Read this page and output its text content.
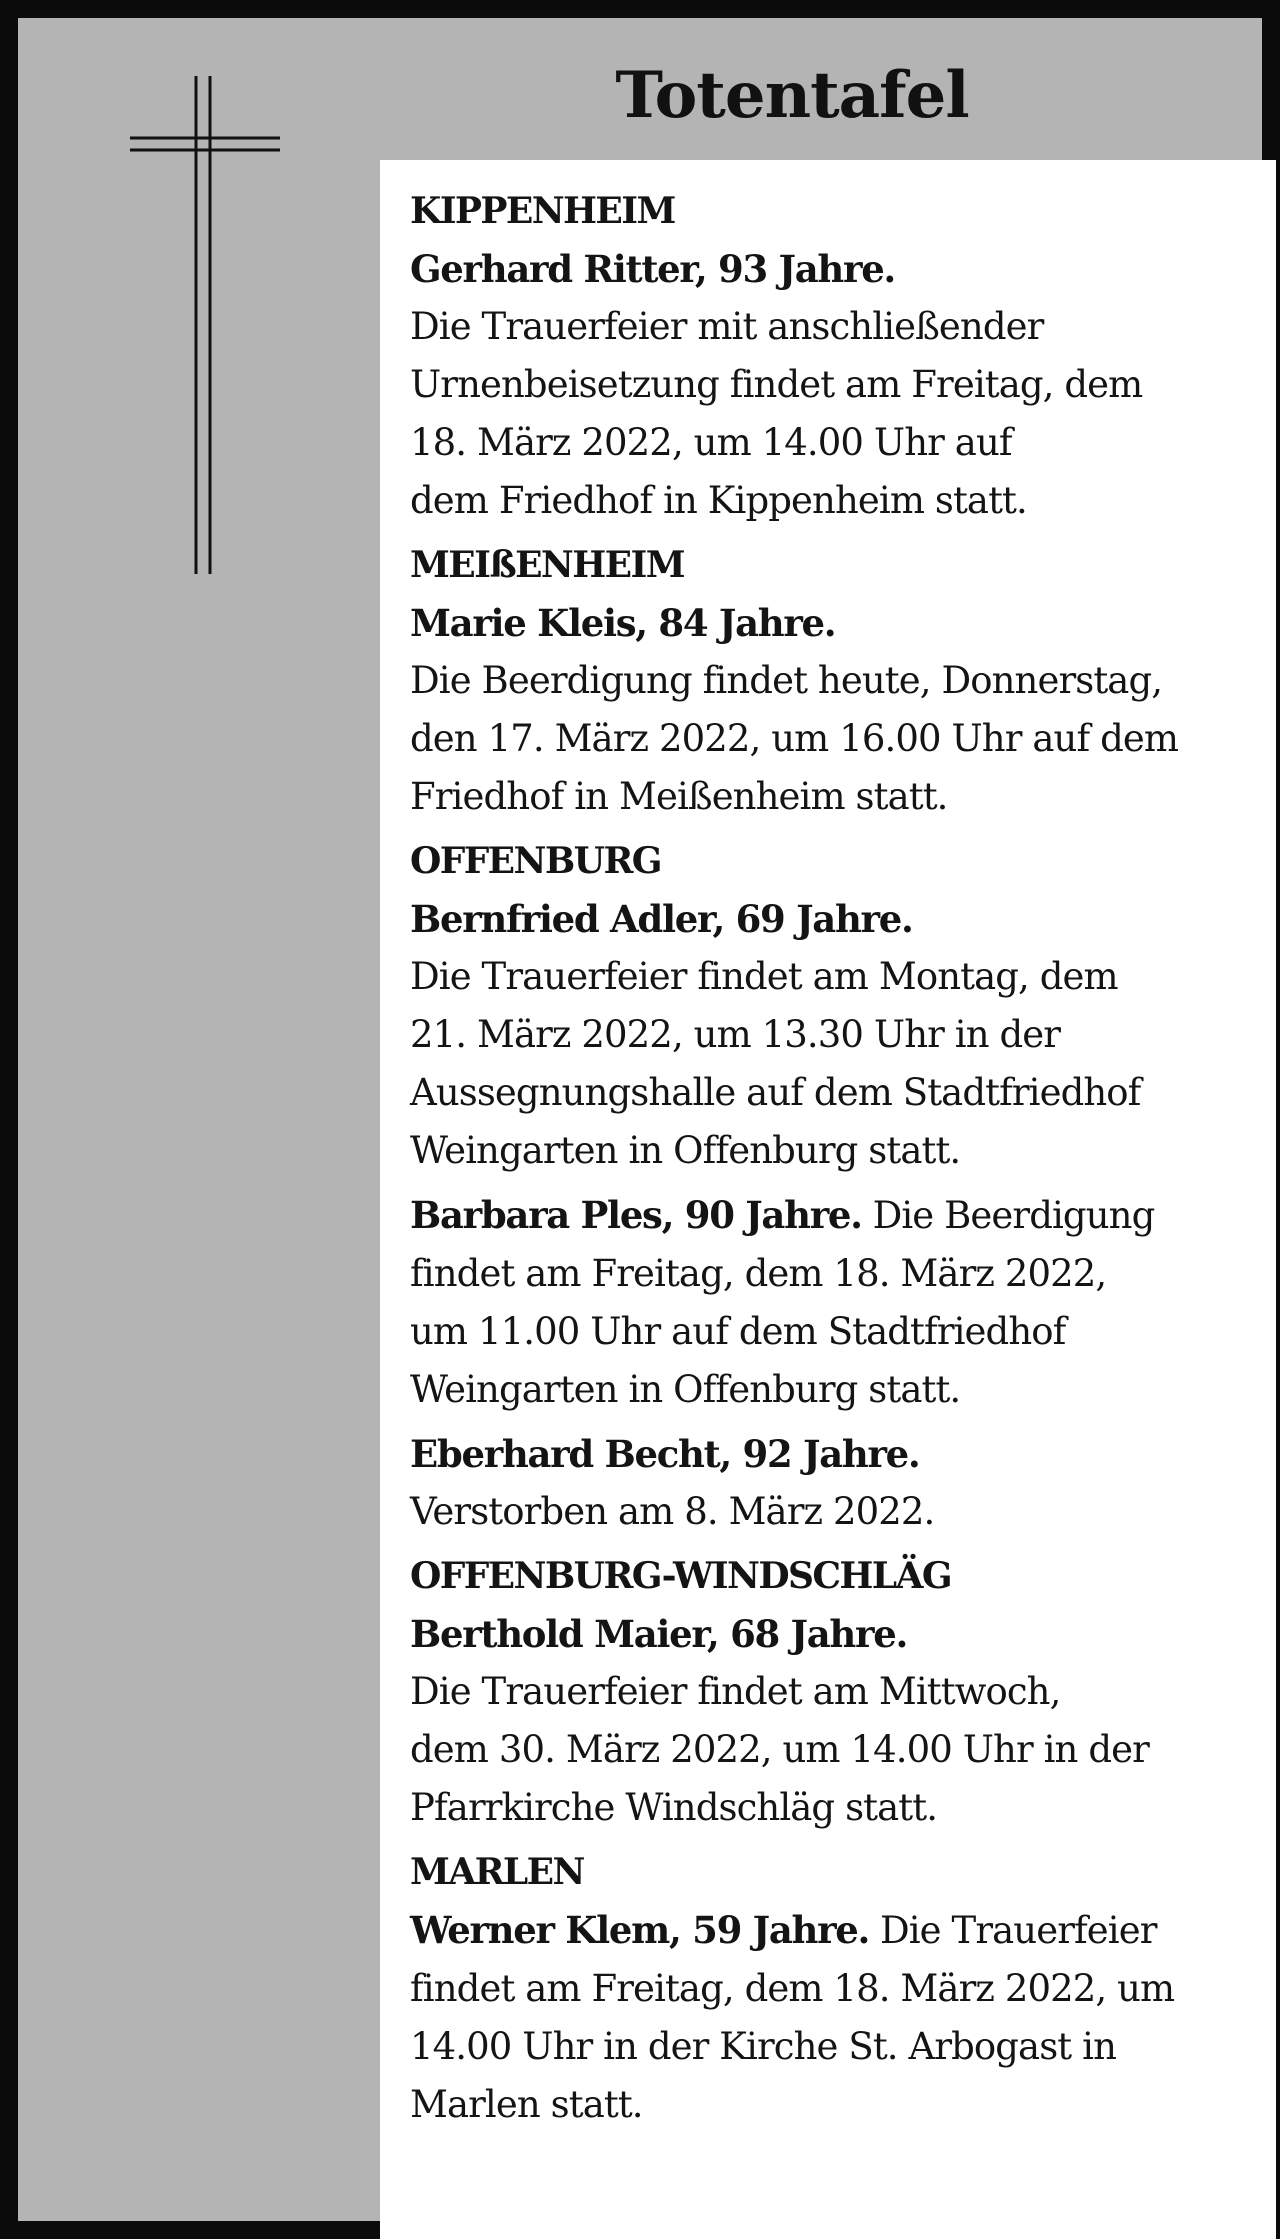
Totentafel
KIPPENHEIM
Gerhard Ritter, 93 Jahre.
Die Trauerfeier mit anschließender
Urnenbeisetzung findet am Freitag, dem
18. März 2022, um 14.00 Uhr auf
dem Friedhof in Kippenheim statt.
MEIßENHEIM
Marie Kleis, 84 Jahre.
Die Beerdigung findet heute, Donnerstag,
den 17. März 2022, um 16.00 Uhr auf dem
Friedhof in Meißenheim statt.
OFFENBURG
Bernfried Adler, 69 Jahre.
Die Trauerfeier findet am Montag, dem
21. März 2022, um 13.30 Uhr in der
Aussegnungshalle auf dem Stadtfriedhof
Weingarten in Offenburg statt.
Barbara Ples, 90 Jahre. Die Beerdigung
findet am Freitag, dem 18. März 2022,
um 11.00 Uhr auf dem Stadtfriedhof
Weingarten in Offenburg statt.
Eberhard Becht, 92 Jahre.
Verstorben am 8. März 2022.
OFFENBURG-WINDSCHLÄG
Berthold Maier, 68 Jahre.
Die Trauerfeier findet am Mittwoch,
dem 30. März 2022, um 14.00 Uhr in der
Pfarrkirche Windschläg statt.
MARLEN
Werner Klem, 59 Jahre. Die Trauerfeier
findet am Freitag, dem 18. März 2022, um
14.00 Uhr in der Kirche St. Arbogast in
Marlen statt.
